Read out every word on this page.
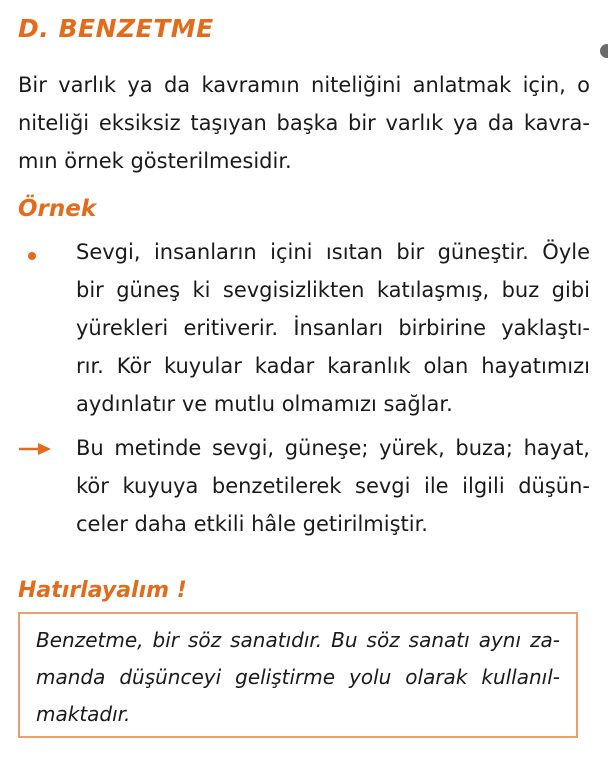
D. BENZETME
Bir varlık ya da kavramın niteliğini anlatmak için, o
niteliği eksiksiz taşıyan başka bir varlık ya da kavra-
mın örnek gösterilmesidir.
Örnek
Sevgi, insanların içini ısıtan bir güneştir. Öyle
bir güneş ki sevgisizlikten katılaşmış, buz gibi
yürekleri eritiverir. İnsanları birbirine yaklaştı-
rır. Kör kuyular kadar karanlık olan hayatımızı
aydınlatır ve mutlu olmamızı sağlar.
Bu metinde sevgi, güneşe; yürek, buza; hayat,
kör kuyuya benzetilerek sevgi ile ilgili düşün-
celer daha etkili hâle getirilmiştir.
Hatırlayalım !
Benzetme, bir söz sanatıdır. Bu söz sanatı aynı za-
manda düşünceyi geliştirme yolu olarak kullanıl-
maktadır.
